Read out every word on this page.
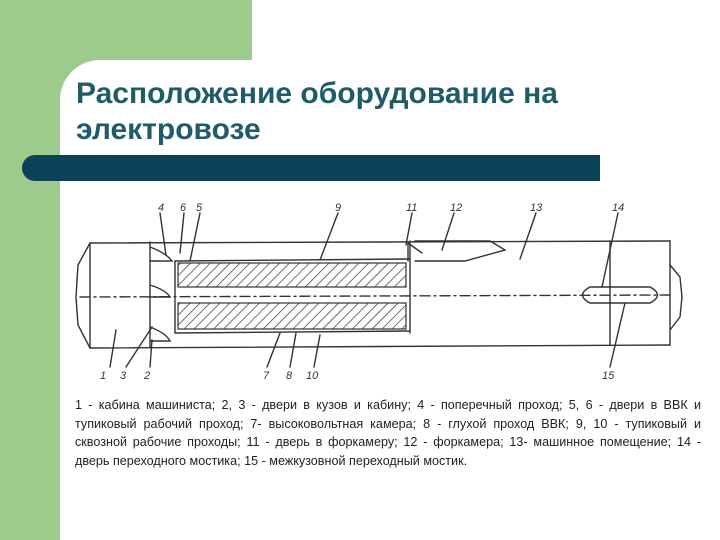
Расположение оборудование на электровозе
4 6 5	9	11	12	13	14
1 3 2	7 8 10	15

1 - кабина машиниста; 2, 3 - двери в кузов и кабину; 4 - поперечный проход; 5, 6 - двери в ВВК и тупиковый рабочий проход; 7- высоковольтная камера; 8 - глухой проход ВВК; 9, 10 - тупиковый и сквозной рабочие проходы; 11 - дверь в форкамеру; 12 - форкамера; 13- машинное помещение; 14 - дверь переходного мостика; 15 - межкузовной переходный мостик.
